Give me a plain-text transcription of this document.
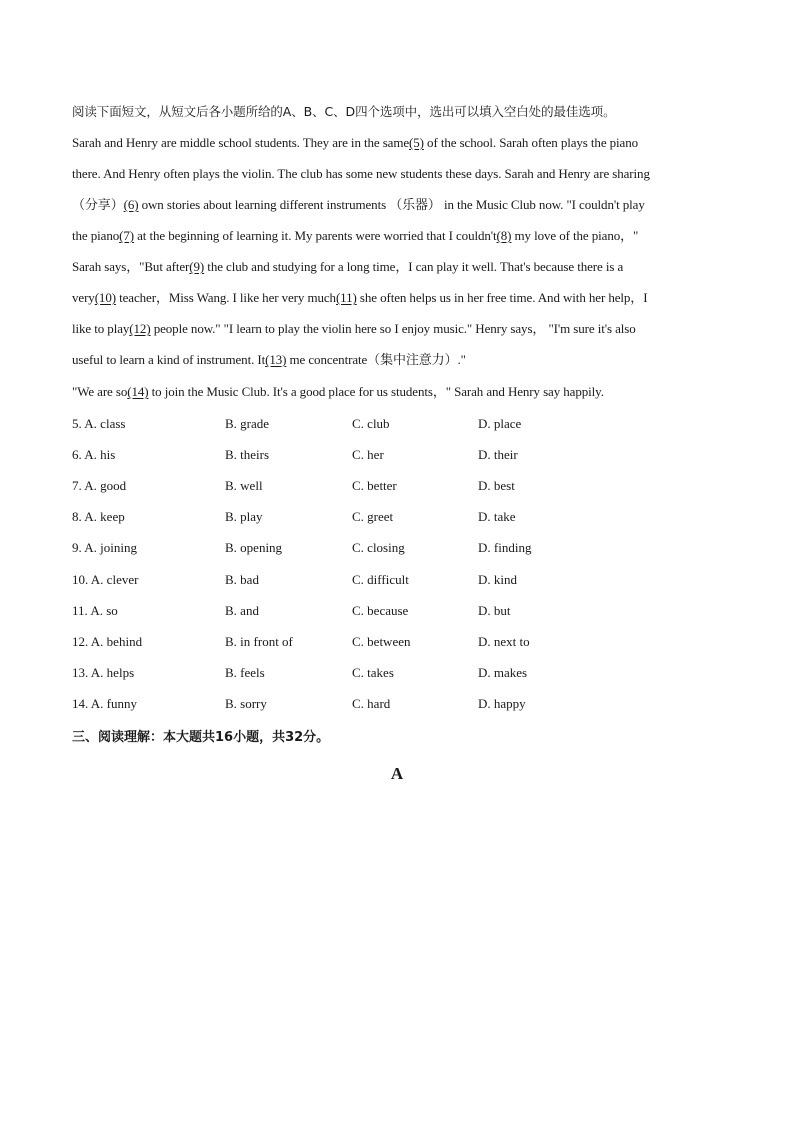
阅读下面短文，从短文后各小题所给的A、B、C、D四个选项中，选出可以填入空白处的最佳选项。
Sarah and Henry are middle school students. They are in the same(5) of the school. Sarah often plays the piano
there. And Henry often plays the violin. The club has some new students these days. Sarah and Henry are sharing
（分享）(6) own stories about learning different instruments （乐器） in the Music Club now. "I couldn't play
the piano(7) at the beginning of learning it. My parents were worried that I couldn't(8) my love of the piano，"
Sarah says，"But after(9) the club and studying for a long time，I can play it well. That's because there is a
very(10) teacher，Miss Wang. I like her very much(11) she often helps us in her free time. And with her help，I
like to play(12) people now." "I learn to play the violin here so I enjoy music." Henry says， "I'm sure it's also
useful to learn a kind of instrument. It(13) me concentrate（集中注意力）."
"We are so(14) to join the Music Club. It's a good place for us students，" Sarah and Henry say happily.
5. A. class	B. grade	C. club	D. place
6. A. his	B. theirs	C. her	D. their
7. A. good	B. well	C. better	D. best
8. A. keep	B. play	C. greet	D. take
9. A. joining	B. opening	C. closing	D. finding
10. A. clever	B. bad	C. difficult	D. kind
11. A. so	B. and	C. because	D. but
12. A. behind	B. in front of	C. between	D. next to
13. A. helps	B. feels	C. takes	D. makes
14. A. funny	B. sorry	C. hard	D. happy
三、阅读理解：本大题共16小题，共32分。
A
